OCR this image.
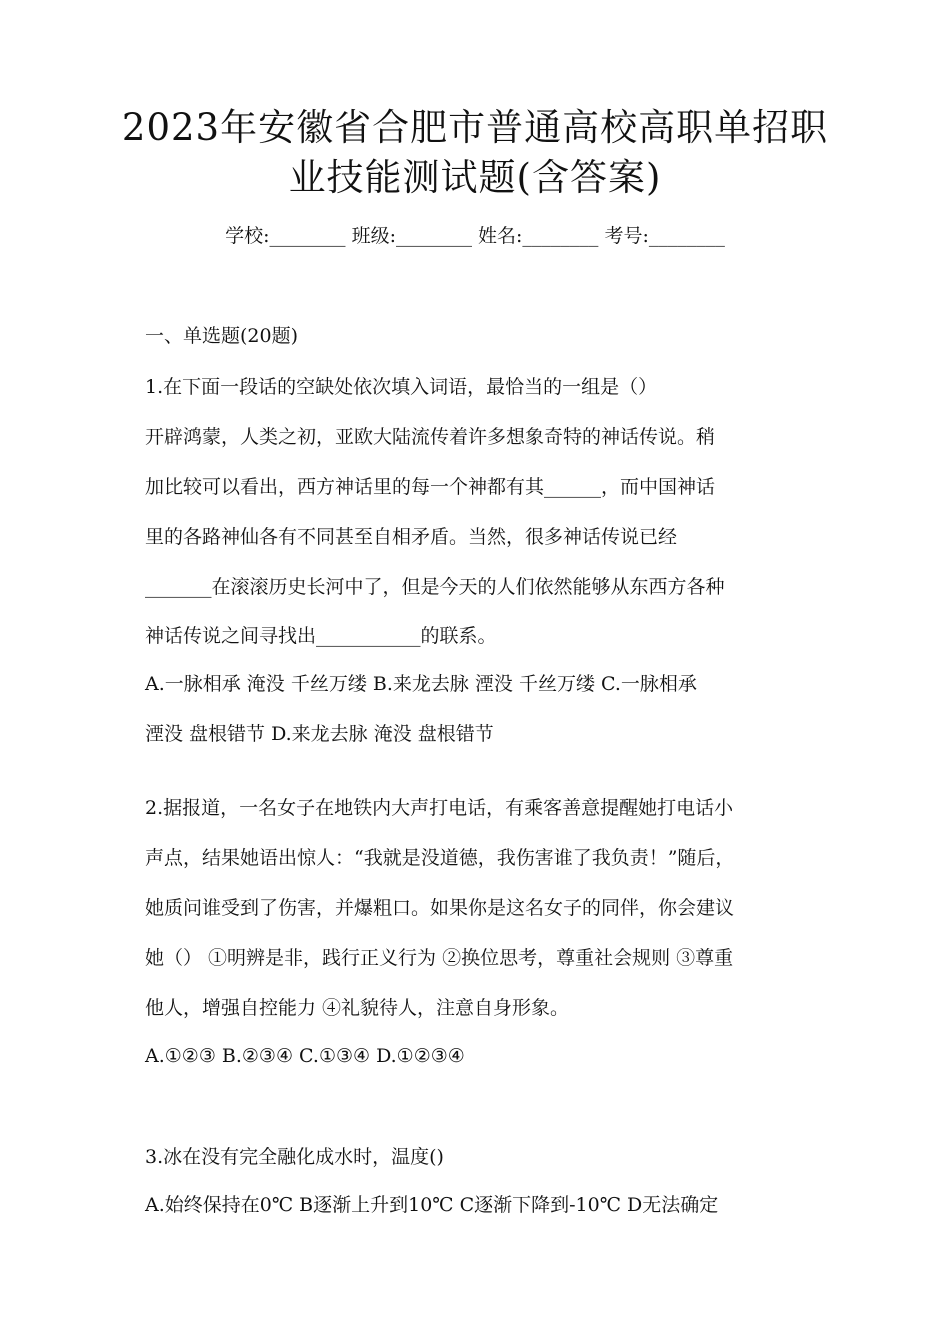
2023年安徽省合肥市普通高校高职单招职
业技能测试题(含答案)
学校:________ 班级:________ 姓名:________ 考号:________
一、单选题(20题)
1.在下面一段话的空缺处依次填入词语，最恰当的一组是（）
开辟鸿蒙，人类之初，亚欧大陆流传着许多想象奇特的神话传说。稍
加比较可以看出，西方神话里的每一个神都有其______，而中国神话
里的各路神仙各有不同甚至自相矛盾。当然，很多神话传说已经
_______在滚滚历史长河中了，但是今天的人们依然能够从东西方各种
神话传说之间寻找出___________的联系。
A.一脉相承 淹没 千丝万缕 B.来龙去脉 湮没 千丝万缕 C.一脉相承
湮没 盘根错节 D.来龙去脉 淹没 盘根错节
2.据报道，一名女子在地铁内大声打电话，有乘客善意提醒她打电话小
声点，结果她语出惊人：“我就是没道德，我伤害谁了我负责！”随后，
她质问谁受到了伤害，并爆粗口。如果你是这名女子的同伴，你会建议
她（） ①明辨是非，践行正义行为 ②换位思考，尊重社会规则 ③尊重
他人，增强自控能力 ④礼貌待人，注意自身形象。
A.①②③ B.②③④ C.①③④ D.①②③④
3.冰在没有完全融化成水时，温度()
A.始终保持在0℃ B逐渐上升到10℃ C逐渐下降到-10℃ D无法确定
